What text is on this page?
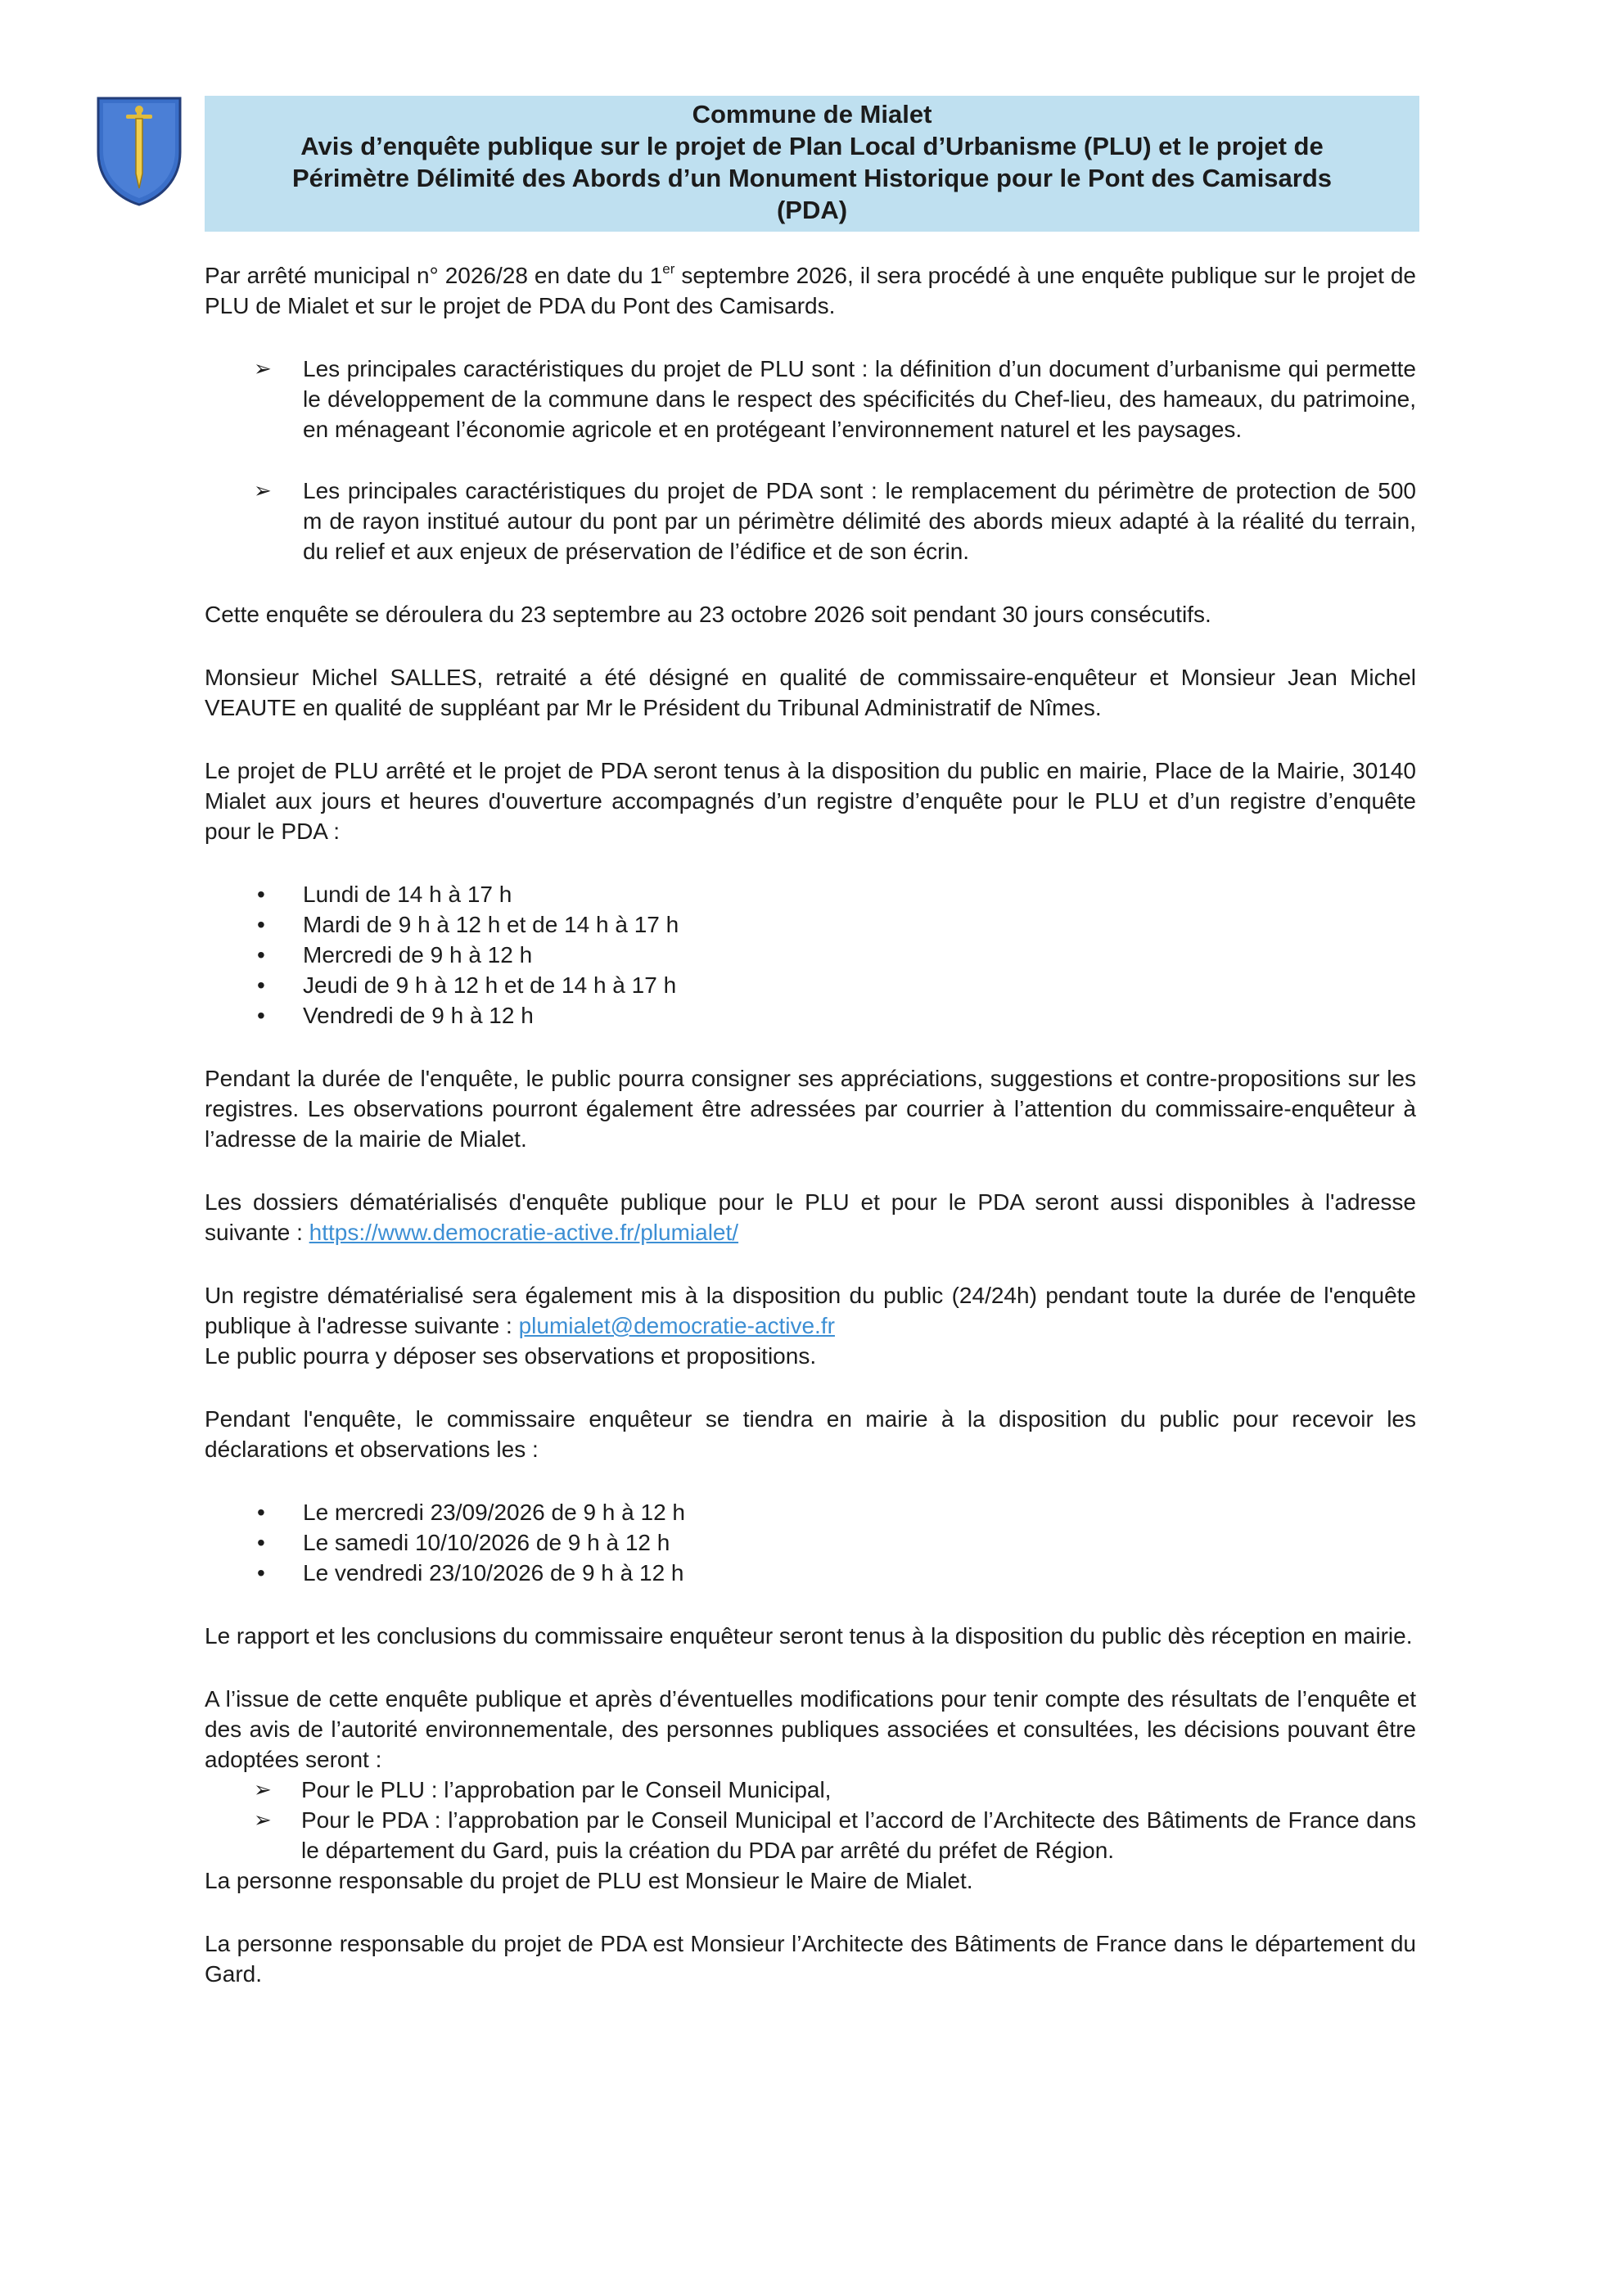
Commune de Mialet
Avis d’enquête publique sur le projet de Plan Local d’Urbanisme (PLU) et le projet de
Périmètre Délimité des Abords d’un Monument Historique pour le Pont des Camisards
(PDA)

Par arrêté municipal n° 2026/28 en date du 1er septembre 2026, il sera procédé à une enquête publique sur le projet de PLU de Mialet et sur le projet de PDA du Pont des Camisards.

➢ Les principales caractéristiques du projet de PLU sont : la définition d’un document d’urbanisme qui permette le développement de la commune dans le respect des spécificités du Chef-lieu, des hameaux, du patrimoine, en ménageant l’économie agricole et en protégeant l’environnement naturel et les paysages.
➢ Les principales caractéristiques du projet de PDA sont : le remplacement du périmètre de protection de 500 m de rayon institué autour du pont par un périmètre délimité des abords mieux adapté à la réalité du terrain, du relief et aux enjeux de préservation de l’édifice et de son écrin.

Cette enquête se déroulera du 23 septembre au 23 octobre 2026 soit pendant 30 jours consécutifs.

Monsieur Michel SALLES, retraité a été désigné en qualité de commissaire-enquêteur et Monsieur Jean Michel VEAUTE en qualité de suppléant par Mr le Président du Tribunal Administratif de Nîmes.

Le projet de PLU arrêté et le projet de PDA seront tenus à la disposition du public en mairie, Place de la Mairie, 30140 Mialet aux jours et heures d'ouverture accompagnés d’un registre d’enquête pour le PLU et d’un registre d’enquête pour le PDA :

• Lundi de 14 h à 17 h
• Mardi de 9 h à 12 h et de 14 h à 17 h
• Mercredi de 9 h à 12 h
• Jeudi de 9 h à 12 h et de 14 h à 17 h
• Vendredi de 9 h à 12 h

Pendant la durée de l'enquête, le public pourra consigner ses appréciations, suggestions et contre-propositions sur les registres. Les observations pourront également être adressées par courrier à l’attention du commissaire-enquêteur à l’adresse de la mairie de Mialet.

Les dossiers dématérialisés d'enquête publique pour le PLU et pour le PDA seront aussi disponibles à l'adresse suivante : https://www.democratie-active.fr/plumialet/

Un registre dématérialisé sera également mis à la disposition du public (24/24h) pendant toute la durée de l'enquête publique à l'adresse suivante : plumialet@democratie-active.fr

Le public pourra y déposer ses observations et propositions.

Pendant l'enquête, le commissaire enquêteur se tiendra en mairie à la disposition du public pour recevoir les déclarations et observations les :

• Le mercredi 23/09/2026 de 9 h à 12 h
• Le samedi 10/10/2026 de 9 h à 12 h
• Le vendredi 23/10/2026 de 9 h à 12 h

Le rapport et les conclusions du commissaire enquêteur seront tenus à la disposition du public dès réception en mairie.

A l’issue de cette enquête publique et après d’éventuelles modifications pour tenir compte des résultats de l’enquête et des avis de l’autorité environnementale, des personnes publiques associées et consultées, les décisions pouvant être adoptées seront :

➢ Pour le PLU : l’approbation par le Conseil Municipal,
➢ Pour le PDA : l’approbation par le Conseil Municipal et l’accord de l’Architecte des Bâtiments de France dans le département du Gard, puis la création du PDA par arrêté du préfet de Région.

La personne responsable du projet de PLU est Monsieur le Maire de Mialet.

La personne responsable du projet de PDA est Monsieur l’Architecte des Bâtiments de France dans le département du Gard.
